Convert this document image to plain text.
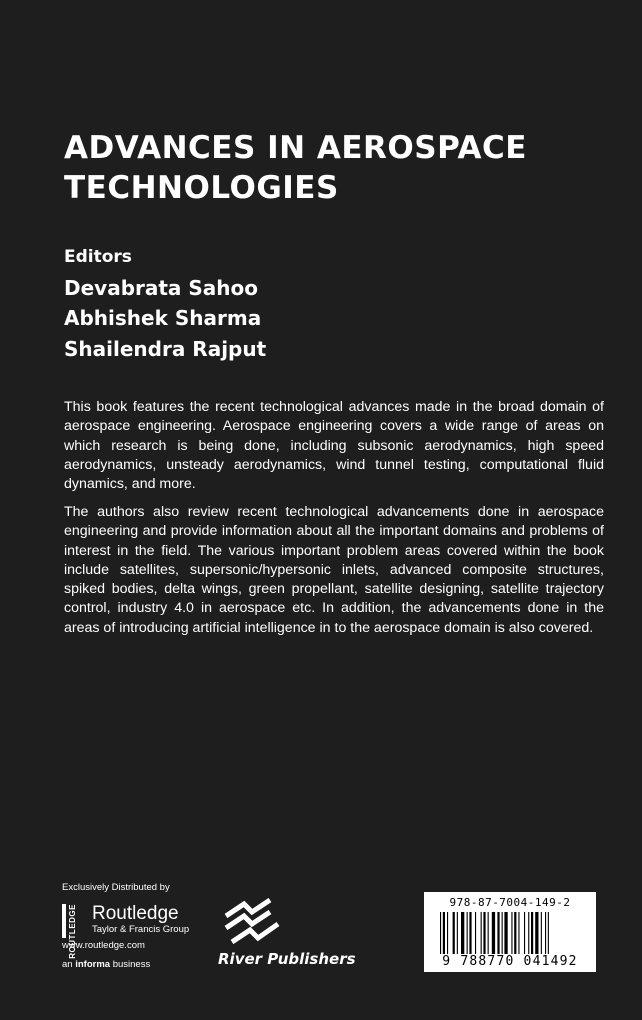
ADVANCES IN AEROSPACE TECHNOLOGIES
Editors
Devabrata Sahoo
Abhishek Sharma
Shailendra Rajput

This book features the recent technological advances made in the broad domain of aerospace engineering. Aerospace engineering covers a wide range of areas on which research is being done, including subsonic aerodynamics, high speed aerodynamics, unsteady aerodynamics, wind tunnel testing, computational fluid dynamics, and more.

The authors also review recent technological advancements done in aerospace engineering and provide information about all the important domains and problems of interest in the field. The various important problem areas covered within the book include satellites, supersonic/hypersonic inlets, advanced composite structures, spiked bodies, delta wings, green propellant, satellite designing, satellite trajectory control, industry 4.0 in aerospace etc. In addition, the advancements done in the areas of introducing artificial intelligence in to the aerospace domain is also covered.

Exclusively Distributed by
ROUTLEDGE Routledge
Taylor & Francis Group
www.routledge.com
an informa business	River Publishers
978-87-7004-149-2
9 788770 041492
